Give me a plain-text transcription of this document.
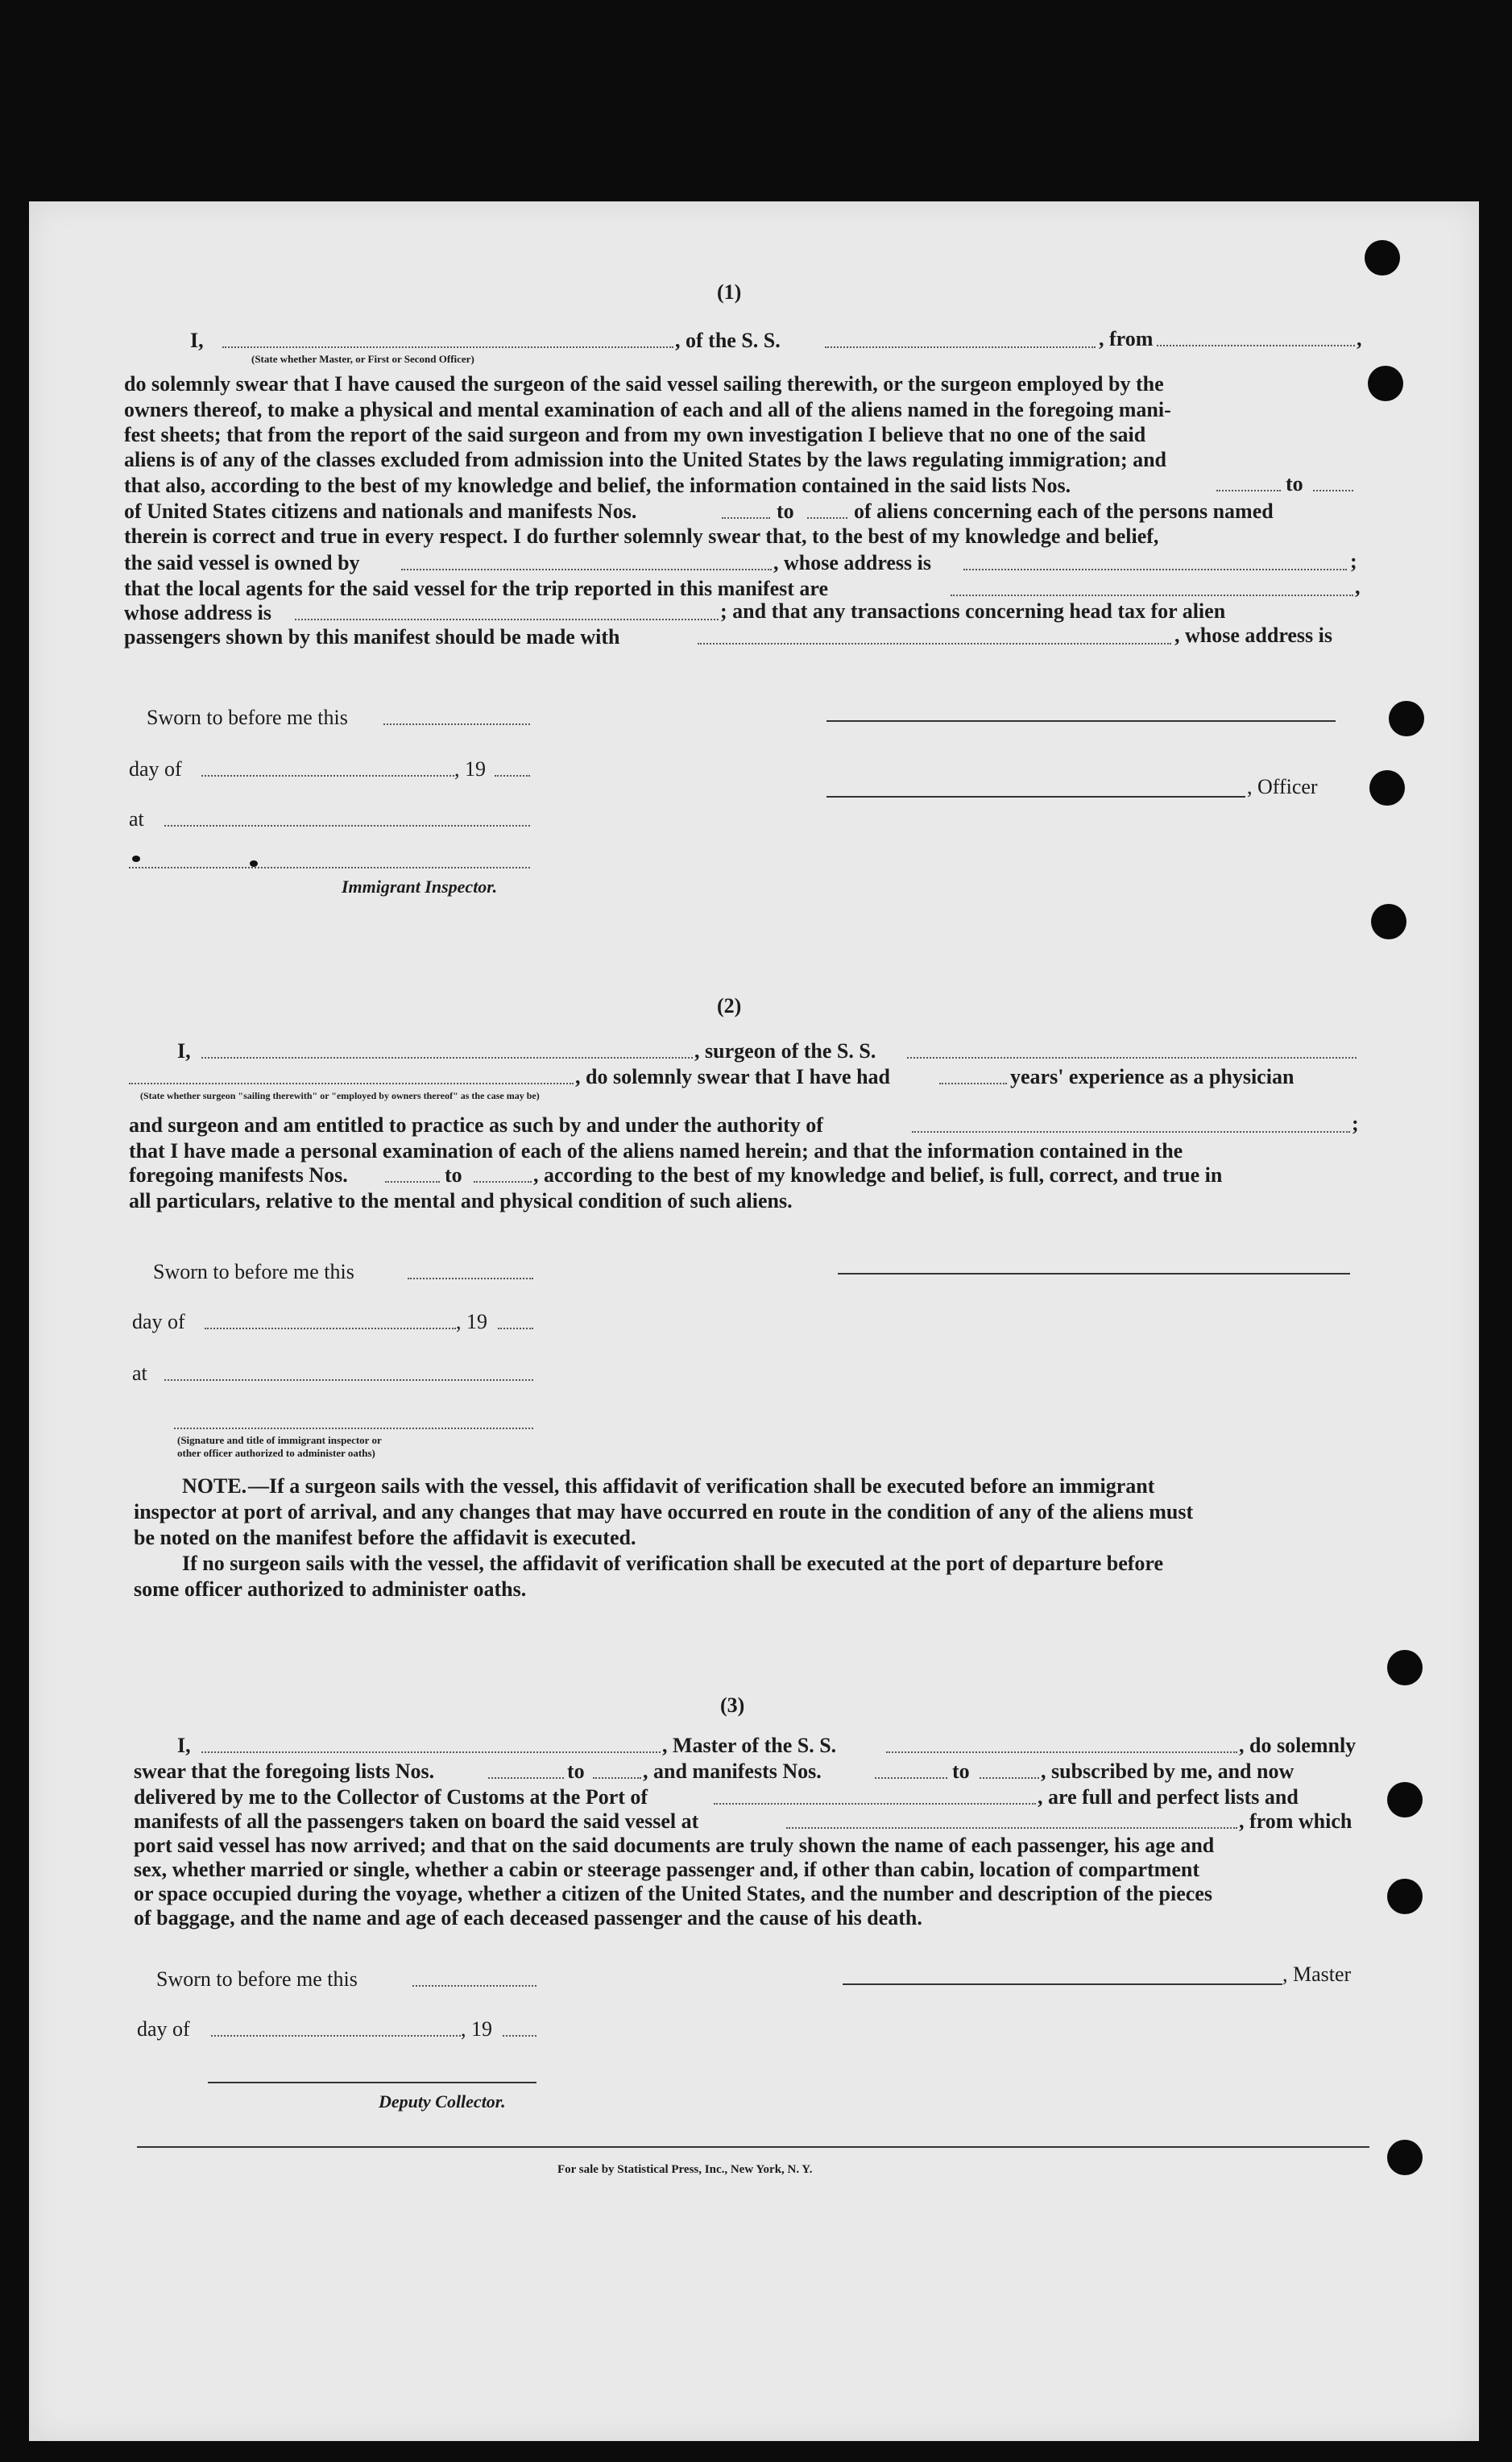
(1)
I,	, of the S. S.	, from	,
(State whether Master, or First or Second Officer)
do solemnly swear that I have caused the surgeon of the said vessel sailing therewith, or the surgeon employed by the
owners thereof, to make a physical and mental examination of each and all of the aliens named in the foregoing mani-
fest sheets; that from the report of the said surgeon and from my own investigation I believe that no one of the said
aliens is of any of the classes excluded from admission into the United States by the laws regulating immigration; and
that also, according to the best of my knowledge and belief, the information contained in the said lists Nos.	to
of United States citizens and nationals and manifests Nos.	to	of aliens concerning each of the persons named
therein is correct and true in every respect. I do further solemnly swear that, to the best of my knowledge and belief,
the said vessel is owned by	, whose address is	;
that the local agents for the said vessel for the trip reported in this manifest are	,
whose address is	; and that any transactions concerning head tax for alien
passengers shown by this manifest should be made with	, whose address is
Sworn to before me this
day of	, 19
, Officer
at
Immigrant Inspector.
(2)
I,	, surgeon of the S. S.
, do solemnly swear that I have had	years' experience as a physician
(State whether surgeon "sailing therewith" or "employed by owners thereof" as the case may be)
and surgeon and am entitled to practice as such by and under the authority of	;
that I have made a personal examination of each of the aliens named herein; and that the information contained in the
foregoing manifests Nos.	to	, according to the best of my knowledge and belief, is full, correct, and true in
all particulars, relative to the mental and physical condition of such aliens.
Sworn to before me this
day of	, 19
at
(Signature and title of immigrant inspector or
other officer authorized to administer oaths)
NOTE. —If a surgeon sails with the vessel, this affidavit of verification shall be executed before an immigrant
inspector at port of arrival, and any changes that may have occurred en route in the condition of any of the aliens must
be noted on the manifest before the affidavit is executed.
If no surgeon sails with the vessel, the affidavit of verification shall be executed at the port of departure before
some officer authorized to administer oaths.
(3)
I,	, Master of the S. S.	, do solemnly
swear that the foregoing lists Nos.	to	, and manifests Nos.	to	, subscribed by me, and now
delivered by me to the Collector of Customs at the Port of	, are full and perfect lists and
manifests of all the passengers taken on board the said vessel at	, from which
port said vessel has now arrived; and that on the said documents are truly shown the name of each passenger, his age and
sex, whether married or single, whether a cabin or steerage passenger and, if other than cabin, location of compartment
or space occupied during the voyage, whether a citizen of the United States, and the number and description of the pieces
of baggage, and the name and age of each deceased passenger and the cause of his death.
Sworn to before me this	, Master
day of	, 19
Deputy Collector.
For sale by Statistical Press, Inc., New York, N. Y.
